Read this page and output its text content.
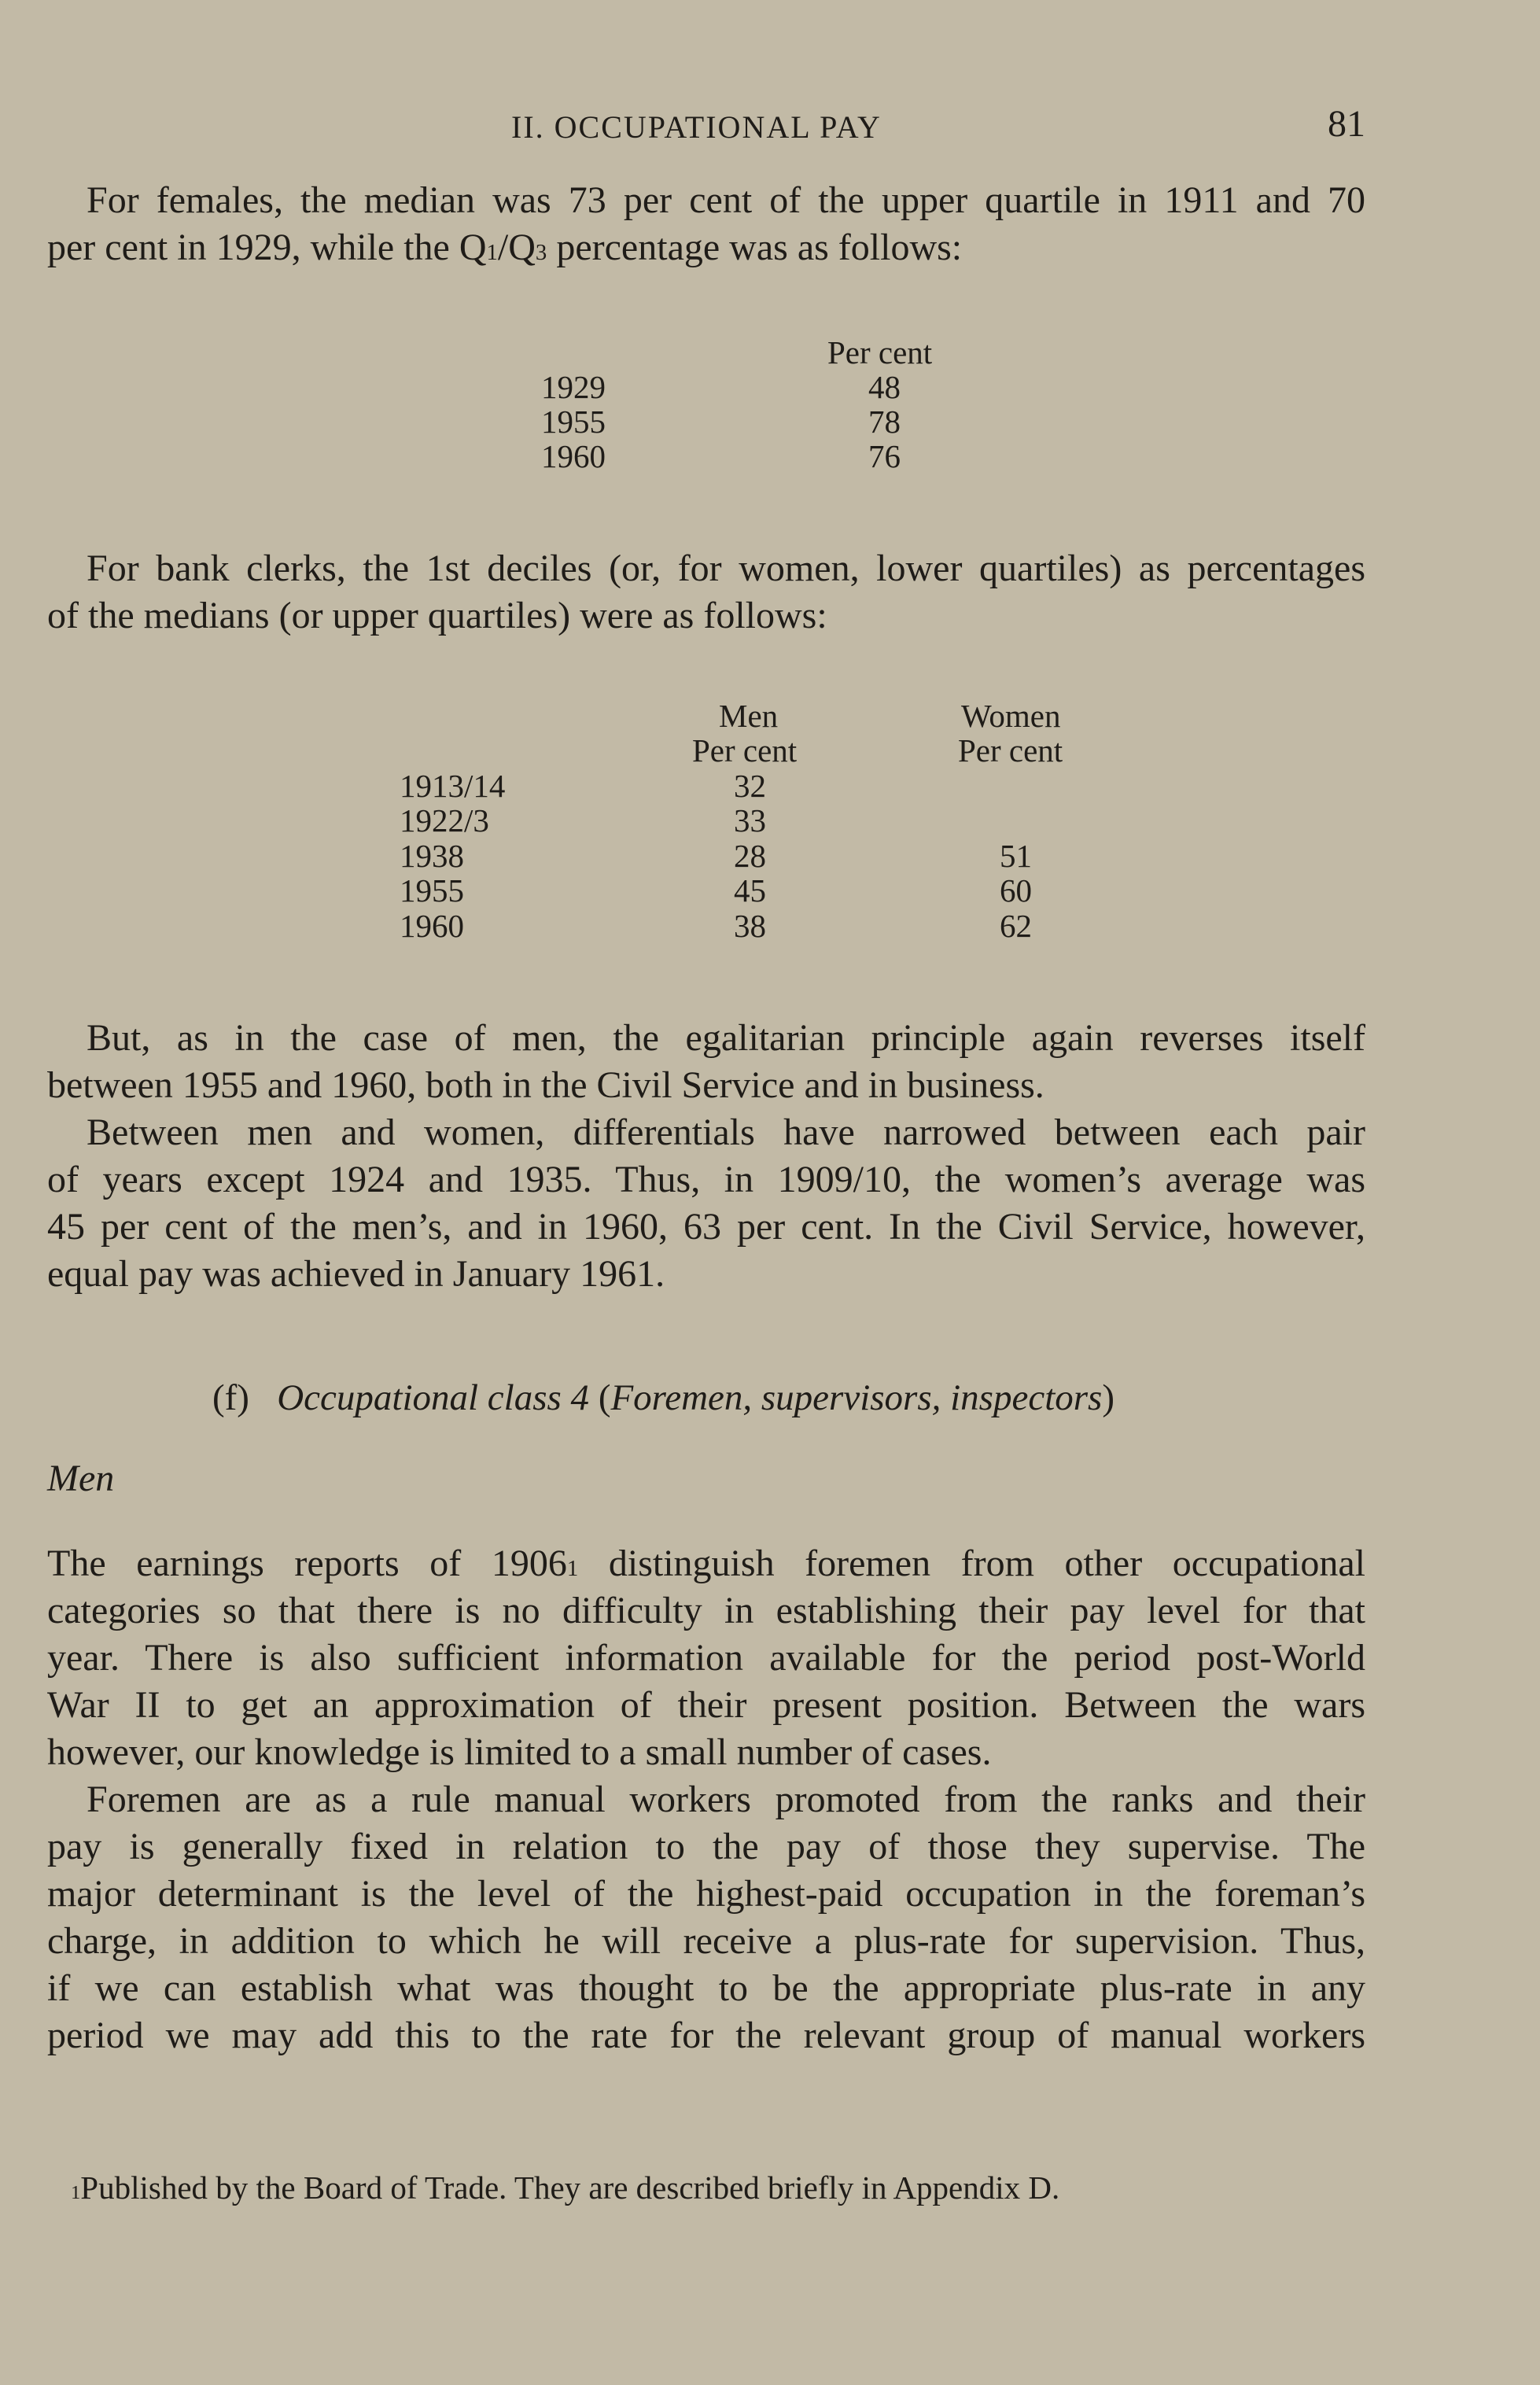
II. OCCUPATIONAL PAY	81
For females, the median was 73 per cent of the upper quartile in 1911 and 70
per cent in 1929, while the $Q_1/Q_3$ percentage was as follows:
Per cent
1929	48
1955	78
1960	76
For bank clerks, the 1st deciles (or, for women, lower quartiles) as percentages
of the medians (or upper quartiles) were as follows:
Men	Women
Per cent	Per cent
1913/14	32
1922/3	33
1938	28	51
1955	45	60
1960	38	62
But, as in the case of men, the egalitarian principle again reverses itself
between 1955 and 1960, both in the Civil Service and in business.
Between men and women, differentials have narrowed between each pair
of years except 1924 and 1935. Thus, in 1909/10, the women’s average was
45 per cent of the men’s, and in 1960, 63 per cent. In the Civil Service, however,
equal pay was achieved in January 1961.
(f) Occupational class 4 (Foremen, supervisors, inspectors)
Men
The earnings reports of 1906$^1$ distinguish foremen from other occupational
categories so that there is no difficulty in establishing their pay level for that
year. There is also sufficient information available for the period post-World
War II to get an approximation of their present position. Between the wars
however, our knowledge is limited to a small number of cases.
Foremen are as a rule manual workers promoted from the ranks and their
pay is generally fixed in relation to the pay of those they supervise. The
major determinant is the level of the highest-paid occupation in the foreman’s
charge, in addition to which he will receive a plus-rate for supervision. Thus,
if we can establish what was thought to be the appropriate plus-rate in any
period we may add this to the rate for the relevant group of manual workers
$^1$Published by the Board of Trade. They are described briefly in Appendix D.
